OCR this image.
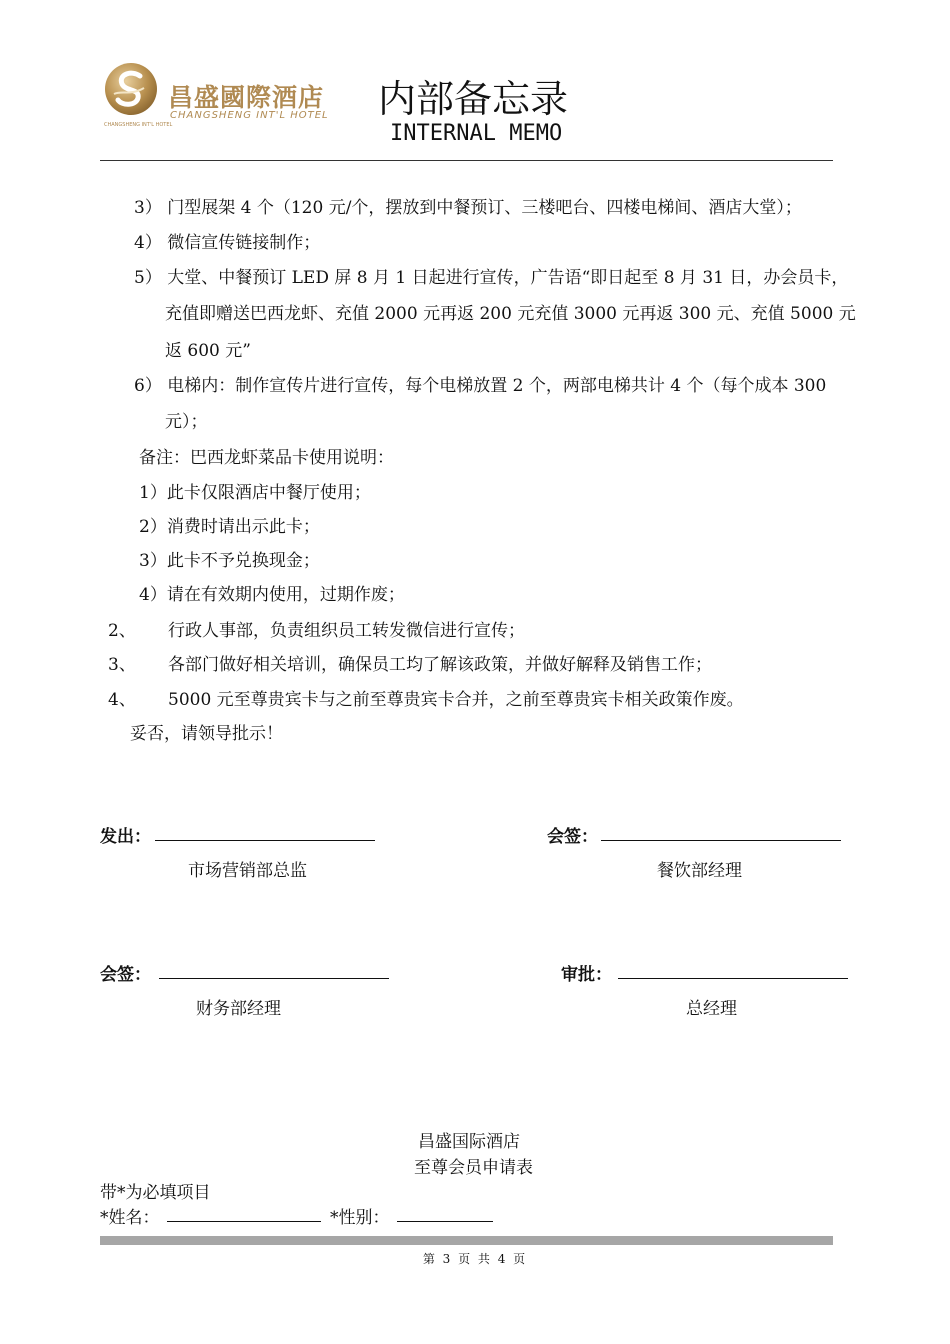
昌盛國際酒店
CHANGSHENG INT'L HOTEL
CHANGSHENG INT'L HOTEL
内部备忘录
INTERNAL MEMO
3） 门型展架 4 个（120 元/个，摆放到中餐预订、三楼吧台、四楼电梯间、酒店大堂）；
4） 微信宣传链接制作；
5） 大堂、中餐预订 LED 屏 8 月 1 日起进行宣传，广告语“即日起至 8 月 31 日，办会员卡，
充值即赠送巴西龙虾、充值 2000 元再返 200 元充值 3000 元再返 300 元、充值 5000 元
返 600 元”
6） 电梯内：制作宣传片进行宣传，每个电梯放置 2 个，两部电梯共计 4 个（每个成本 300
元）；
备注：巴西龙虾菜品卡使用说明：
1）此卡仅限酒店中餐厅使用；
2）消费时请出示此卡；
3）此卡不予兑换现金；
4）请在有效期内使用，过期作废；
2、 行政人事部，负责组织员工转发微信进行宣传；
3、 各部门做好相关培训，确保员工均了解该政策，并做好解释及销售工作；
4、 5000 元至尊贵宾卡与之前至尊贵宾卡合并，之前至尊贵宾卡相关政策作废。
妥否，请领导批示！
发出：
市场营销部总监
会签：
餐饮部经理
会签：
财务部经理
审批：
总经理
昌盛国际酒店
至尊会员申请表
带*为必填项目
*姓名：	*性别：
第 3 页 共 4 页
